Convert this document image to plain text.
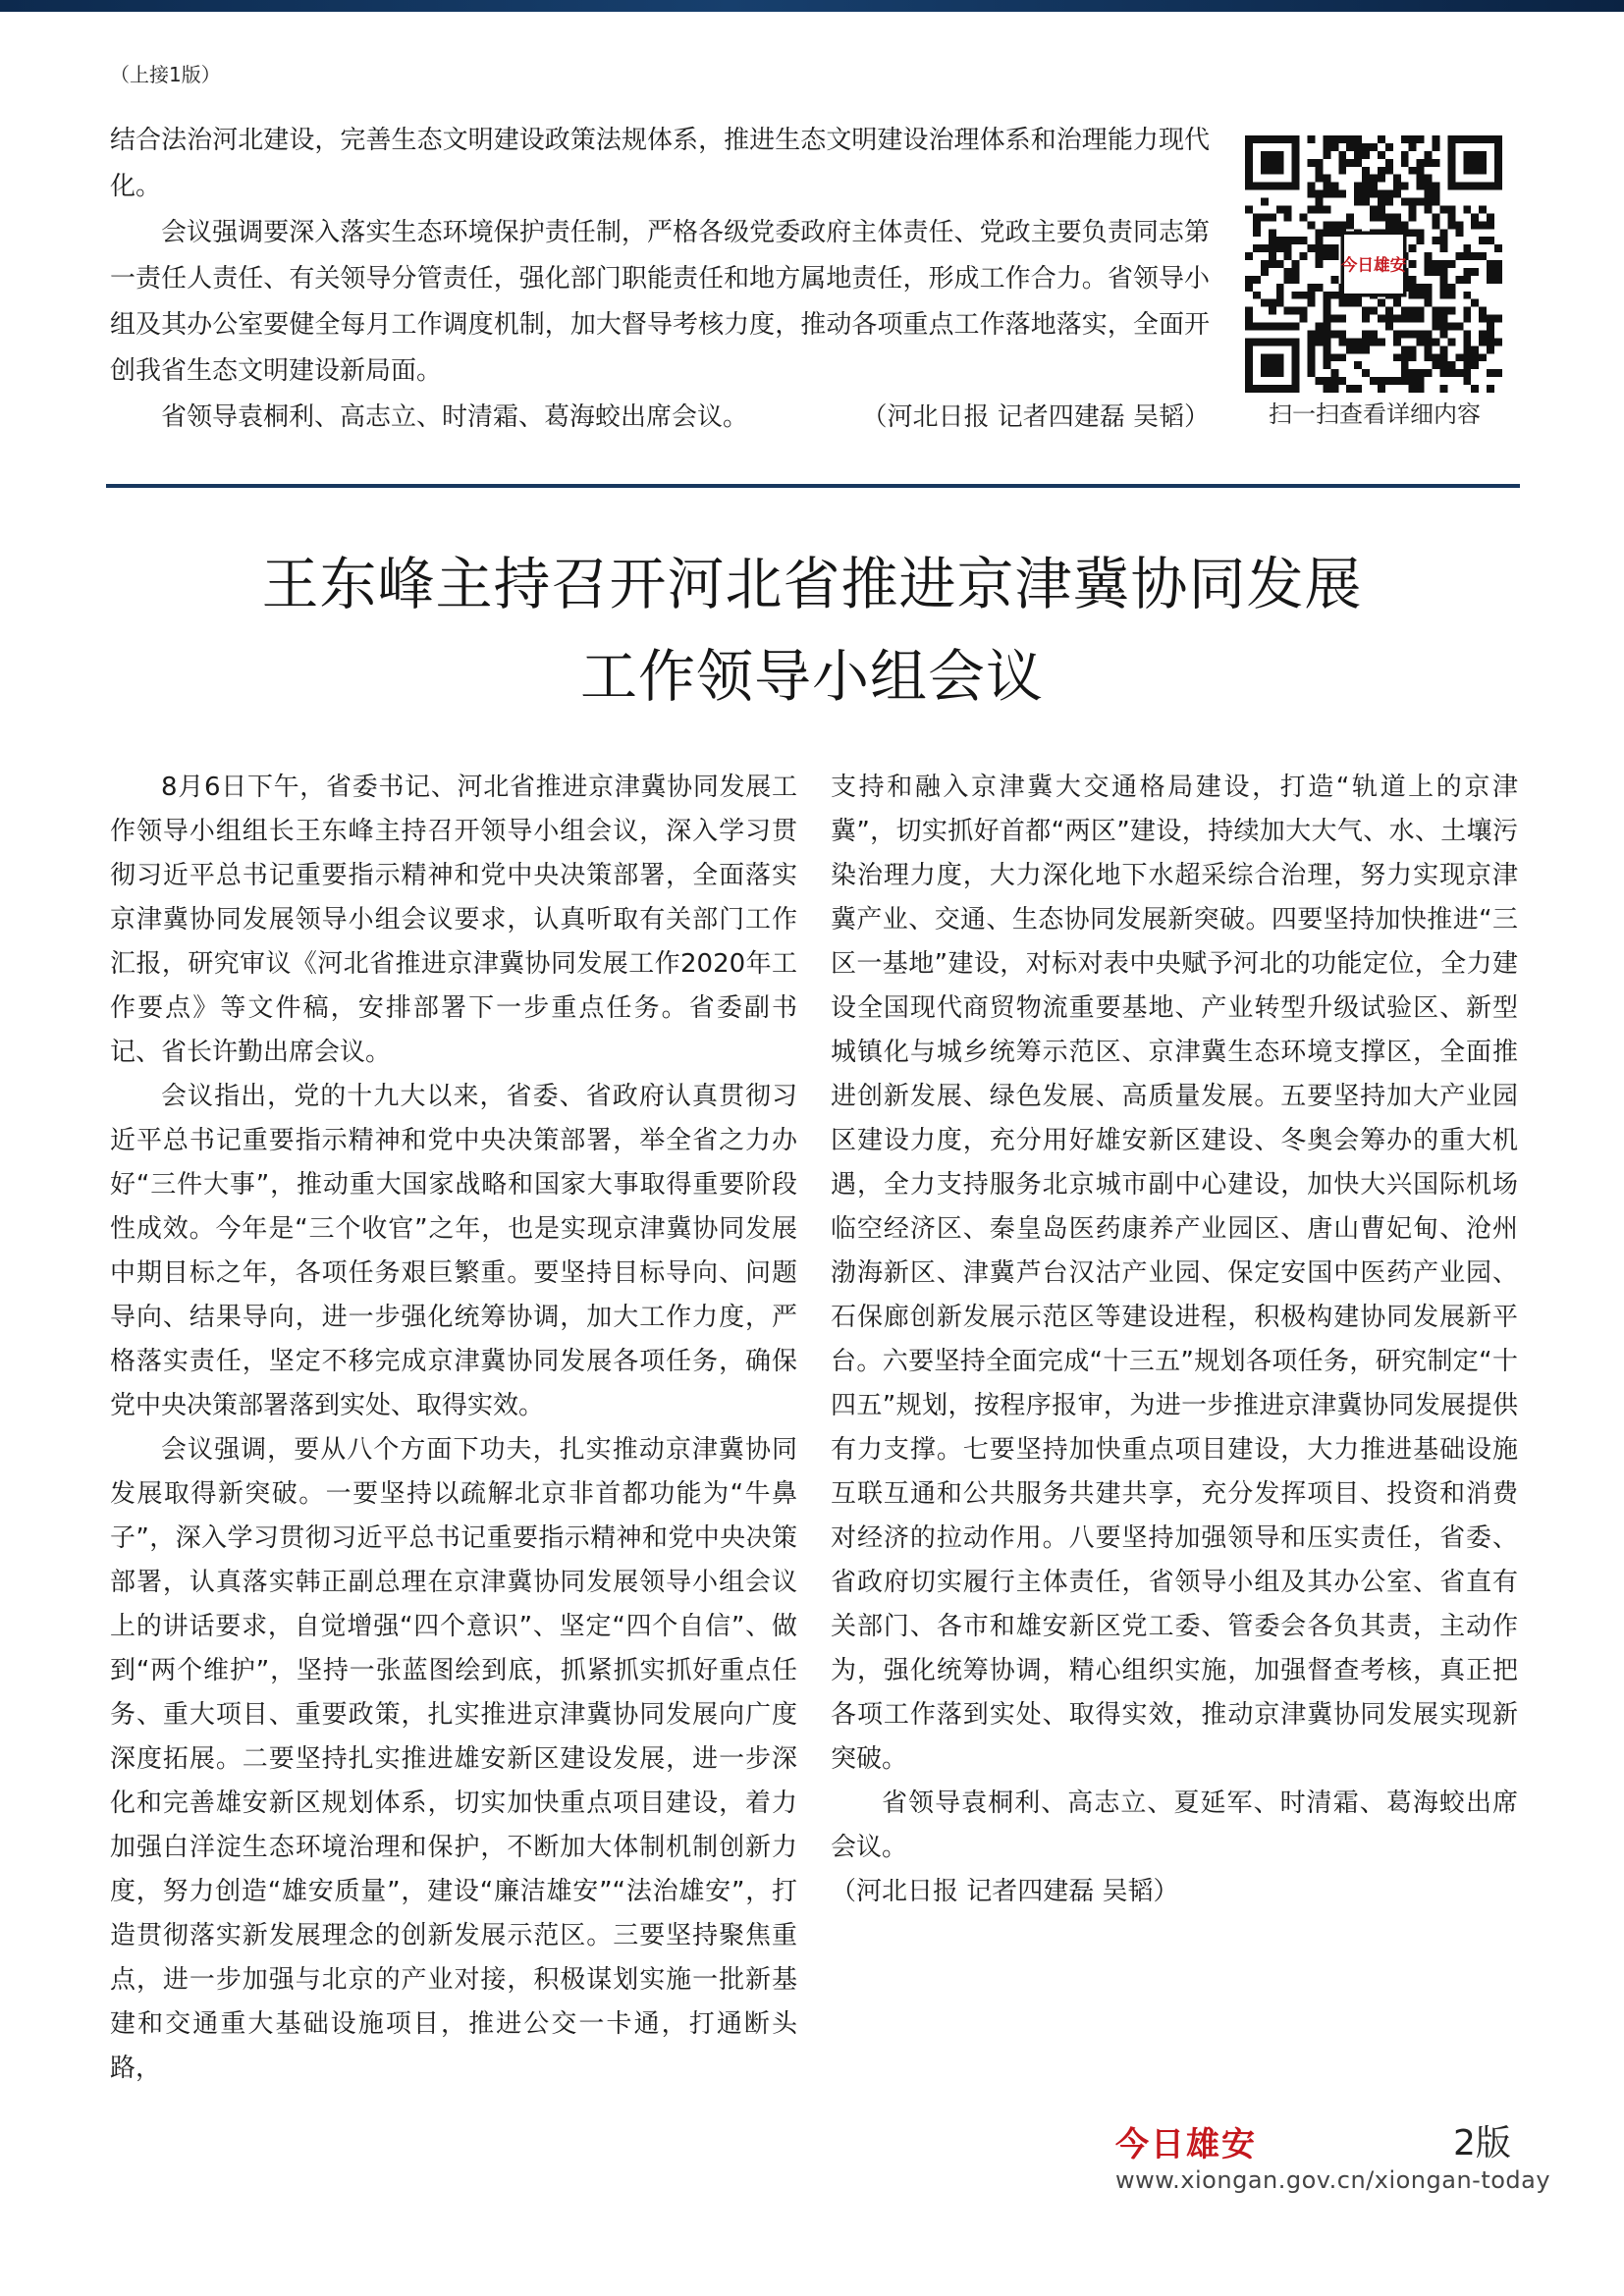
（上接1版）

结合法治河北建设，完善生态文明建设政策法规体系，推进生态文明建设治理体系和治理能力现代化。

会议强调要深入落实生态环境保护责任制，严格各级党委政府主体责任、党政主要负责同志第一责任人责任、有关领导分管责任，强化部门职能责任和地方属地责任，形成工作合力。省领导小组及其办公室要健全每月工作调度机制，加大督导考核力度，推动各项重点工作落地落实，全面开创我省生态文明建设新局面。

省领导袁桐利、高志立、时清霜、葛海蛟出席会议。	（河北日报 记者四建磊 吴韬）

今日雄安
扫一扫查看详细内容
王东峰主持召开河北省推进京津冀协同发展
工作领导小组会议

8月6日下午，省委书记、河北省推进京津冀协同发展工作领导小组组长王东峰主持召开领导小组会议，深入学习贯彻习近平总书记重要指示精神和党中央决策部署，全面落实京津冀协同发展领导小组会议要求，认真听取有关部门工作汇报，研究审议《河北省推进京津冀协同发展工作2020年工作要点》等文件稿，安排部署下一步重点任务。省委副书记、省长许勤出席会议。

会议指出，党的十九大以来，省委、省政府认真贯彻习近平总书记重要指示精神和党中央决策部署，举全省之力办好“三件大事”，推动重大国家战略和国家大事取得重要阶段性成效。今年是“三个收官”之年，也是实现京津冀协同发展中期目标之年，各项任务艰巨繁重。要坚持目标导向、问题导向、结果导向，进一步强化统筹协调，加大工作力度，严格落实责任，坚定不移完成京津冀协同发展各项任务，确保党中央决策部署落到实处、取得实效。

会议强调，要从八个方面下功夫，扎实推动京津冀协同发展取得新突破。一要坚持以疏解北京非首都功能为“牛鼻子”，深入学习贯彻习近平总书记重要指示精神和党中央决策部署，认真落实韩正副总理在京津冀协同发展领导小组会议上的讲话要求，自觉增强“四个意识”、坚定“四个自信”、做到“两个维护”，坚持一张蓝图绘到底，抓紧抓实抓好重点任务、重大项目、重要政策，扎实推进京津冀协同发展向广度深度拓展。二要坚持扎实推进雄安新区建设发展，进一步深化和完善雄安新区规划体系，切实加快重点项目建设，着力加强白洋淀生态环境治理和保护，不断加大体制机制创新力度，努力创造“雄安质量”，建设“廉洁雄安”“法治雄安”，打造贯彻落实新发展理念的创新发展示范区。三要坚持聚焦重点，进一步加强与北京的产业对接，积极谋划实施一批新基建和交通重大基础设施项目，推进公交一卡通，打通断头路，

支持和融入京津冀大交通格局建设，打造“轨道上的京津冀”，切实抓好首都“两区”建设，持续加大大气、水、土壤污染治理力度，大力深化地下水超采综合治理，努力实现京津冀产业、交通、生态协同发展新突破。四要坚持加快推进“三区一基地”建设，对标对表中央赋予河北的功能定位，全力建设全国现代商贸物流重要基地、产业转型升级试验区、新型城镇化与城乡统筹示范区、京津冀生态环境支撑区，全面推进创新发展、绿色发展、高质量发展。五要坚持加大产业园区建设力度，充分用好雄安新区建设、冬奥会筹办的重大机遇，全力支持服务北京城市副中心建设，加快大兴国际机场临空经济区、秦皇岛医药康养产业园区、唐山曹妃甸、沧州渤海新区、津冀芦台汉沽产业园、保定安国中医药产业园、石保廊创新发展示范区等建设进程，积极构建协同发展新平台。六要坚持全面完成“十三五”规划各项任务，研究制定“十四五”规划，按程序报审，为进一步推进京津冀协同发展提供有力支撑。七要坚持加快重点项目建设，大力推进基础设施互联互通和公共服务共建共享，充分发挥项目、投资和消费对经济的拉动作用。八要坚持加强领导和压实责任，省委、省政府切实履行主体责任，省领导小组及其办公室、省直有关部门、各市和雄安新区党工委、管委会各负其责，主动作为，强化统筹协调，精心组织实施，加强督查考核，真正把各项工作落到实处、取得实效，推动京津冀协同发展实现新突破。

省领导袁桐利、高志立、夏延军、时清霜、葛海蛟出席会议。

（河北日报 记者四建磊 吴韬）

今日雄安	2版
www.xiongan.gov.cn/xiongan-today
